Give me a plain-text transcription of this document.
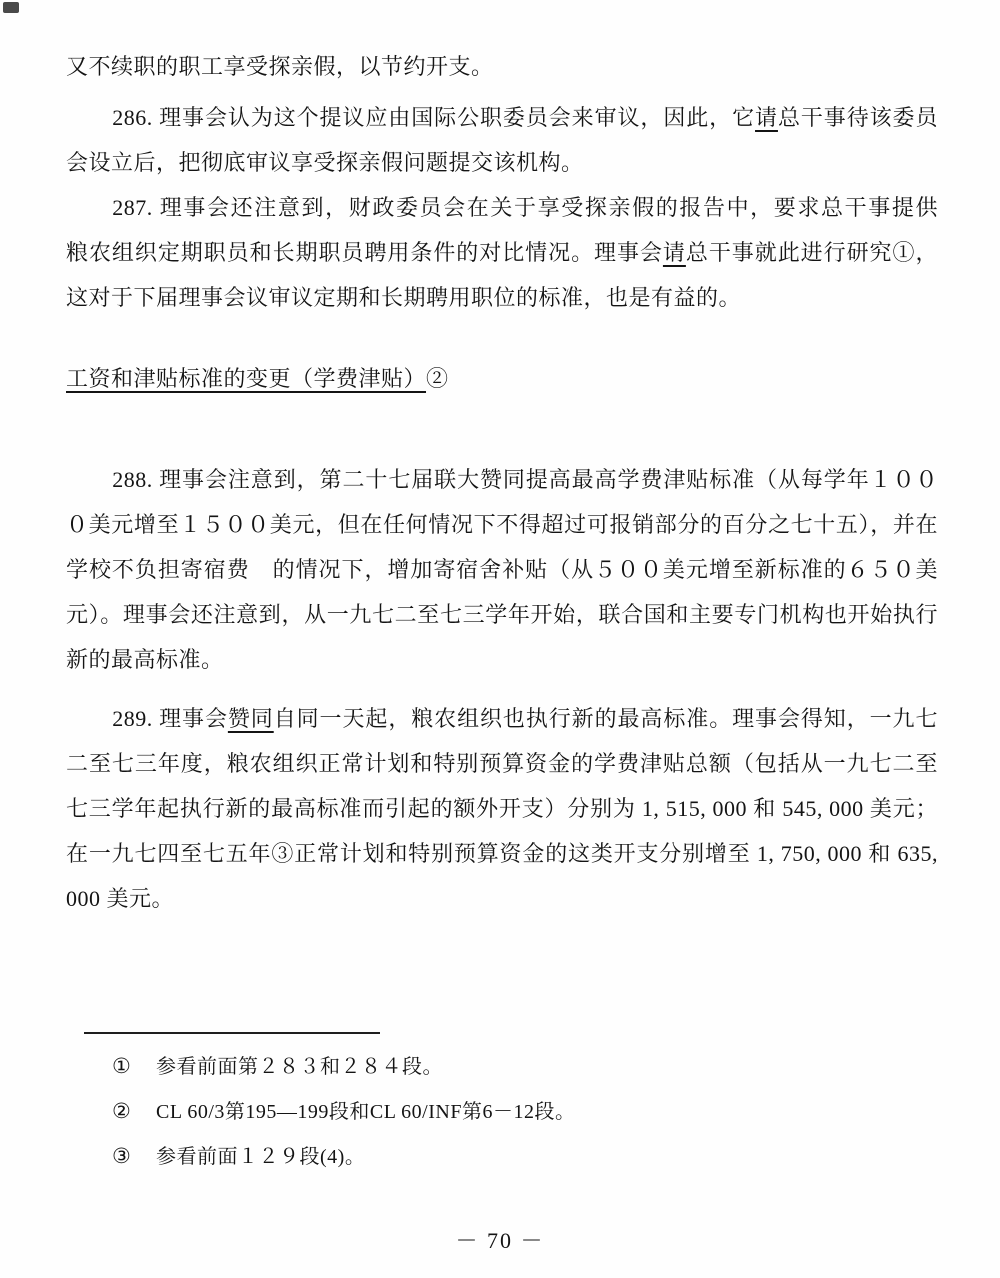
又不续职的职工享受探亲假，以节约开支。

286. 理事会认为这个提议应由国际公职委员会来审议，因此，它请总干事待该委员会设立后，把彻底审议享受探亲假问题提交该机构。

287. 理事会还注意到，财政委员会在关于享受探亲假的报告中，要求总干事提供　　粮农组织定期职员和长期职员聘用条件的对比情况。理事会请总干事就此进行研究①，这对于下届理事会议审议定期和长期聘用职位的标准，也是有益的。

工资和津贴标准的变更（学费津贴）②

288. 理事会注意到，第二十七届联大赞同提高最高学费津贴标准（从每学年１０００美元增至１５００美元，但在任何情况下不得超过可报销部分的百分之七十五），并在学校不负担寄宿费　的情况下，增加寄宿舍补贴（从５００美元增至新标准的６５０美元）。理事会还注意到，从一九七二至七三学年开始，联合国和主要专门机构也开始执行新的最高标准。

289. 理事会赞同自同一天起，粮农组织也执行新的最高标准。理事会得知，一九七二至七三年度，粮农组织正常计划和特别预算资金的学费津贴总额（包括从一九七二至七三学年起执行新的最高标准而引起的额外开支）分别为 1, 515, 000 和 545, 000 美元；在一九七四至七五年③正常计划和特别预算资金的这类开支分别增至 1, 750, 000 和 635, 000 美元。

①	参看前面第２８３和２８４段。
②	CL 60/3第195—199段和CL 60/INF第6－12段。
③	参看前面１２９段(4)。
－ 70 －
